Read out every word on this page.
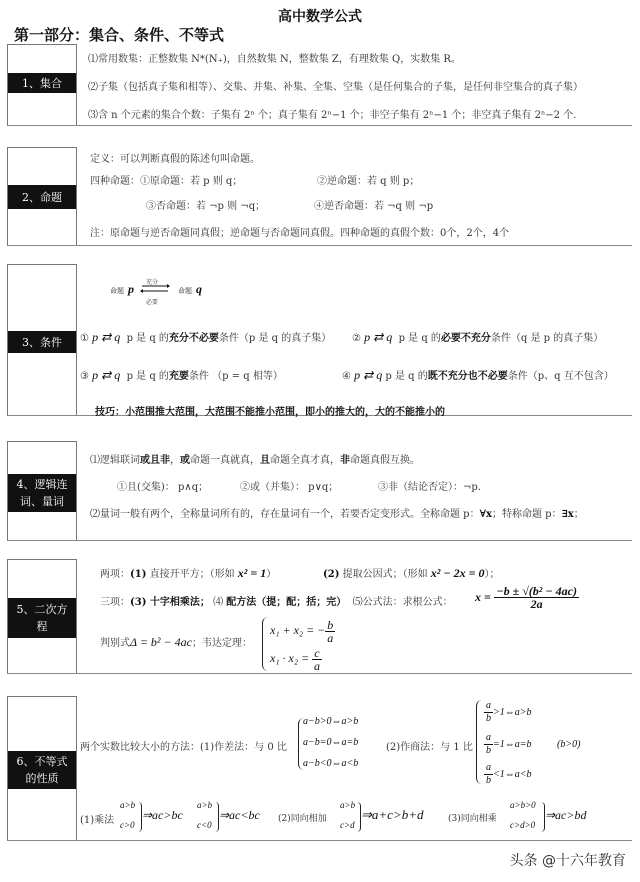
高中数学公式
第一部分：集合、条件、不等式
1、集合
⑴常用数集：正整数集 N*(N₊)，自然数集 N，整数集 Z，有理数集 Q，实数集 R。
⑵子集（包括真子集和相等）、交集、并集、补集、全集、空集（是任何集合的子集，是任何非空集合的真子集）
⑶含 n 个元素的集合个数：子集有 2ⁿ 个；真子集有 2ⁿ−1 个；非空子集有 2ⁿ−1 个；非空真子集有 2ⁿ−2 个.
2、命题
定义：可以判断真假的陈述句叫命题。
四种命题： ①原命题：若 p 则 q；	②逆命题：若 q 则 p；
③否命题：若 ¬p 则 ¬q；	④逆否命题：若 ¬q 则 ¬p
注：原命题与逆否命题同真假；逆命题与否命题同真假。四种命题的真假个数：0个，2个，4个
3、条件
命题 p 充分
必要
命题 q
① p ⇄ q p 是 q 的充分不必要条件（p 是 q 的真子集） ② p ⇄ q p 是 q 的必要不充分条件（q 是 p 的真子集）
③ p ⇄ q p 是 q 的充要条件 （p = q 相等）	④ p ⇄ q p 是 q 的既不充分也不必要条件（p、q 互不包含）
技巧：小范围推大范围，大范围不能推小范围，即小的推大的，大的不能推小的
4、逻辑连
词、量词
⑴逻辑联词或且非，或命题一真就真，且命题全真才真，非命题真假互换。
①且(交集)： p∧q；	②或（并集）： p∨q；	③非（结论否定）：¬p.
⑵量词一般有两个，全称量词所有的，存在量词有一个，若要否定变形式。全称命题 p：∀x；特称命题 p：∃x；
5、二次方
程
两项：(1) 直接开平方；（形如 x² = 1）	(2) 提取公因式；（形如 x² − 2x = 0）；
三项：(3) 十字相乘法； ⑷ 配方法（提；配；括；完） ⑸公式法：求根公式： $x = \frac{\text{−b ± √(b² − 4ac)}}{2a}$
判别式Δ = b² − 4ac；韦达定理：
x₁ + x₂ = − $\frac{b}{a}$
$x_1 \cdot x_2 = \frac{c}{a}$
6、不等式
的性质
两个实数比较大小的方法：(1)作差法：与 0 比
a−b>0⇔a>b
a−b=0⇔a=b
a−b<0⇔a<b
(2)作商法：与 1 比
$\frac{a}{b}$ >1⇔a>b
$\frac{a}{b}$ =1⇔a=b
$\frac{a}{b}$ <1⇔a<b
(b>0)
(1)乘法
a>b
c>0
⇒ac>bc
a>b
c<0
⇒ac<bc (2)同向相加
a>b
c>d
⇒a+c>b+d	(3)同向相乘
a>b>0
c>d>0
⇒ac>bd
头条 @十六年教育
